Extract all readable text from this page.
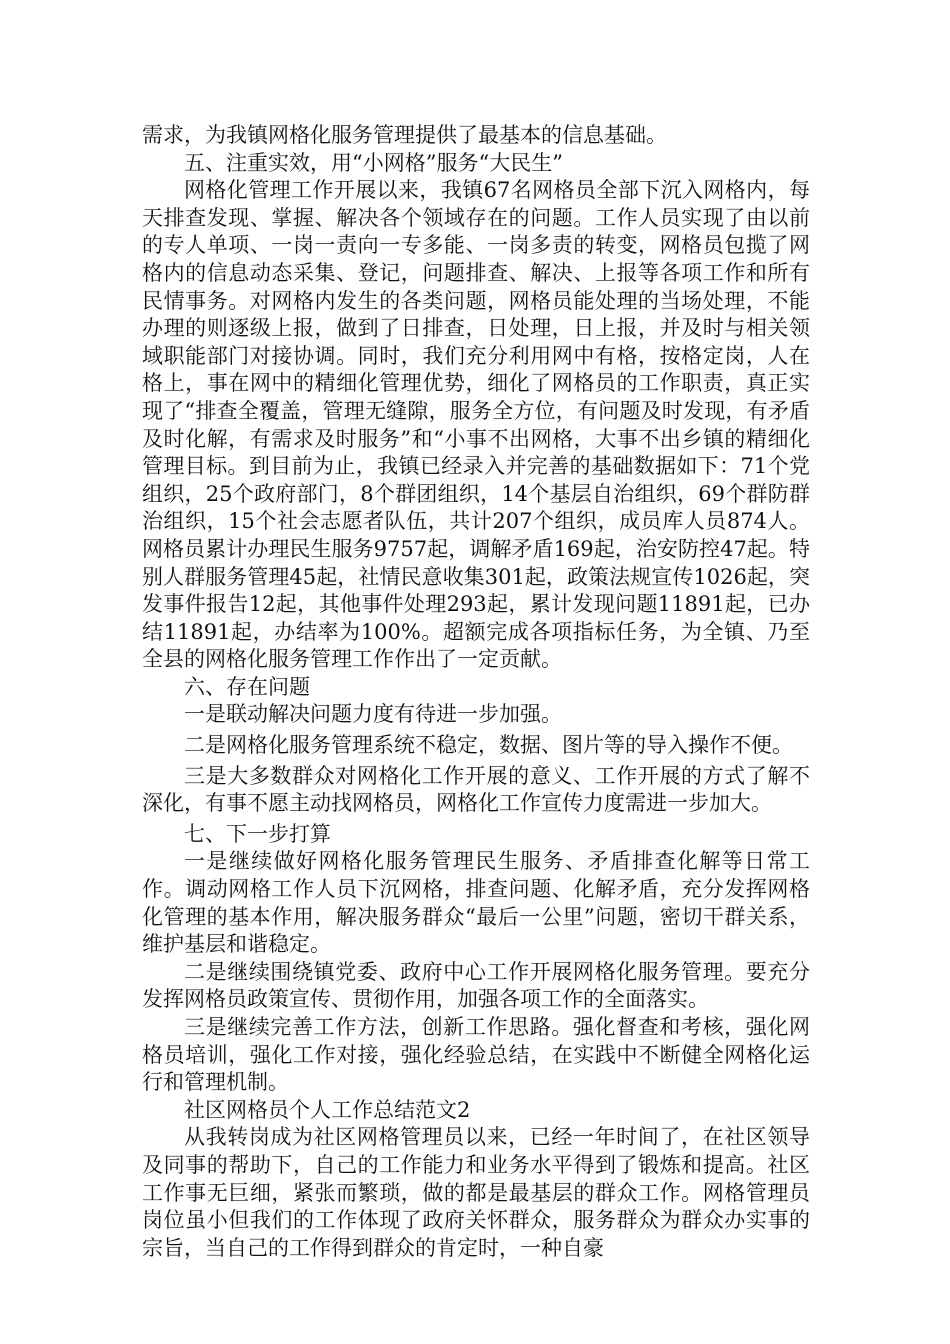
需求，为我镇网格化服务管理提供了最基本的信息基础。

五、注重实效，用“小网格”服务“大民生”

网格化管理工作开展以来，我镇67名网格员全部下沉入网格内，每天排查发现、掌握、解决各个领域存在的问题。工作人员实现了由以前的专人单项、一岗一责向一专多能、一岗多责的转变，网格员包揽了网格内的信息动态采集、登记，问题排查、解决、上报等各项工作和所有民情事务。对网格内发生的各类问题，网格员能处理的当场处理，不能办理的则逐级上报，做到了日排查，日处理，日上报，并及时与相关领域职能部门对接协调。同时，我们充分利用网中有格，按格定岗，人在格上，事在网中的精细化管理优势，细化了网格员的工作职责，真正实现了“排查全覆盖，管理无缝隙，服务全方位，有问题及时发现，有矛盾及时化解，有需求及时服务”和“小事不出网格，大事不出乡镇的精细化管理目标。到目前为止，我镇已经录入并完善的基础数据如下：71个党组织，25个政府部门，8个群团组织，14个基层自治组织，69个群防群治组织，15个社会志愿者队伍，共计207个组织，成员库人员874人。网格员累计办理民生服务9757起，调解矛盾169起，治安防控47起。特别人群服务管理45起，社情民意收集301起，政策法规宣传1026起，突发事件报告12起，其他事件处理293起，累计发现问题11891起，已办结11891起，办结率为100%。超额完成各项指标任务，为全镇、乃至全县的网格化服务管理工作作出了一定贡献。

六、存在问题

一是联动解决问题力度有待进一步加强。

二是网格化服务管理系统不稳定，数据、图片等的导入操作不便。

三是大多数群众对网格化工作开展的意义、工作开展的方式了解不深化，有事不愿主动找网格员，网格化工作宣传力度需进一步加大。

七、下一步打算

一是继续做好网格化服务管理民生服务、矛盾排查化解等日常工作。调动网格工作人员下沉网格，排查问题、化解矛盾，充分发挥网格化管理的基本作用，解决服务群众“最后一公里”问题，密切干群关系，维护基层和谐稳定。

二是继续围绕镇党委、政府中心工作开展网格化服务管理。要充分发挥网格员政策宣传、贯彻作用，加强各项工作的全面落实。

三是继续完善工作方法，创新工作思路。强化督查和考核，强化网格员培训，强化工作对接，强化经验总结，在实践中不断健全网格化运行和管理机制。

社区网格员个人工作总结范文2

从我转岗成为社区网格管理员以来，已经一年时间了，在社区领导及同事的帮助下，自己的工作能力和业务水平得到了锻炼和提高。社区工作事无巨细，紧张而繁琐，做的都是最基层的群众工作。网格管理员岗位虽小但我们的工作体现了政府关怀群众，服务群众为群众办实事的宗旨，当自己的工作得到群众的肯定时，一种自豪
